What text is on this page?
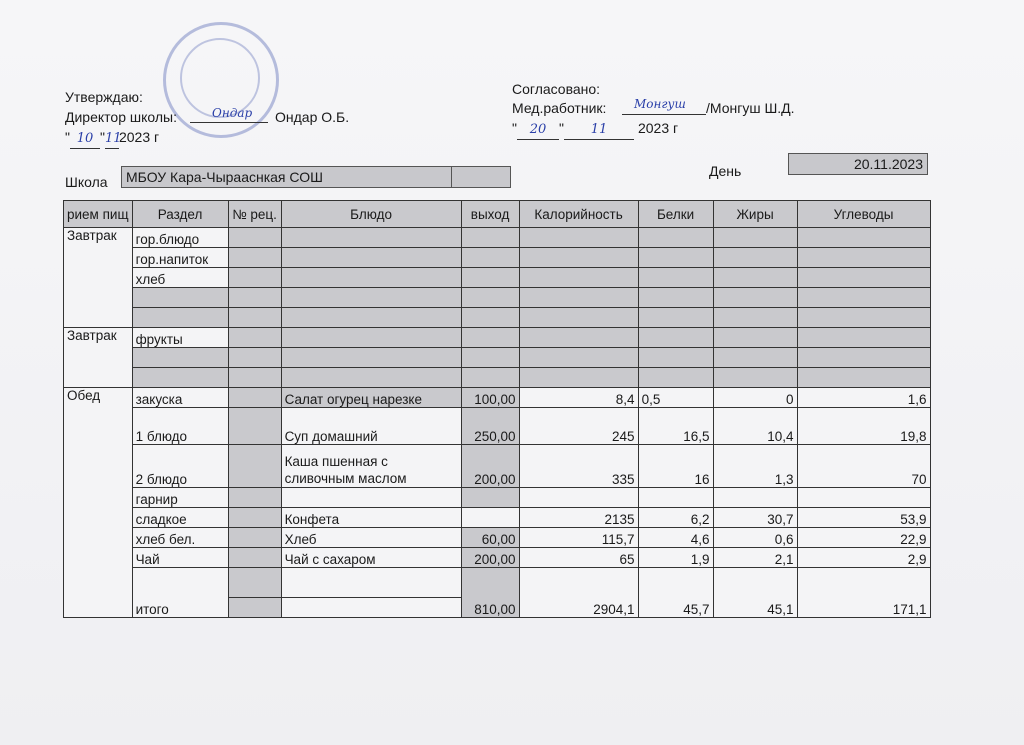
Утверждаю:
Директор школы:	Ондар Ондар О.Б.
" 10 "112023 г
Согласовано:
Мед.работник: Монгуш /Монгуш Ш.Д.
" 20 " 11 2023 г
Школа	МБОУ Кара-Чырааснкая СОШ	День	20.11.2023
рием пищ	Раздел	№ рец.	Блюдо	выход	Калорийность	Белки	Жиры	Углеводы
Завтрак	гор.блюдо							
	гор.напиток							
	хлеб							

Завтрак	фрукты							

Обед	закуска		Салат огурец нарезке	100,00	8,4	0,5	0	1,6
	1 блюдо		Суп домашний	250,00	245	16,5	10,4	19,8
	2 блюдо		Каша пшенная с
сливочным маслом	200,00	335	16	1,3	70
	гарнир							
	сладкое		Конфета		2135	6,2	30,7	53,9
	хлеб бел.		Хлеб	60,00	115,7	4,6	0,6	22,9
	Чай		Чай с сахаром	200,00	65	1,9	2,1	2,9
	итого			810,00	2904,1	45,7	45,1	171,1
